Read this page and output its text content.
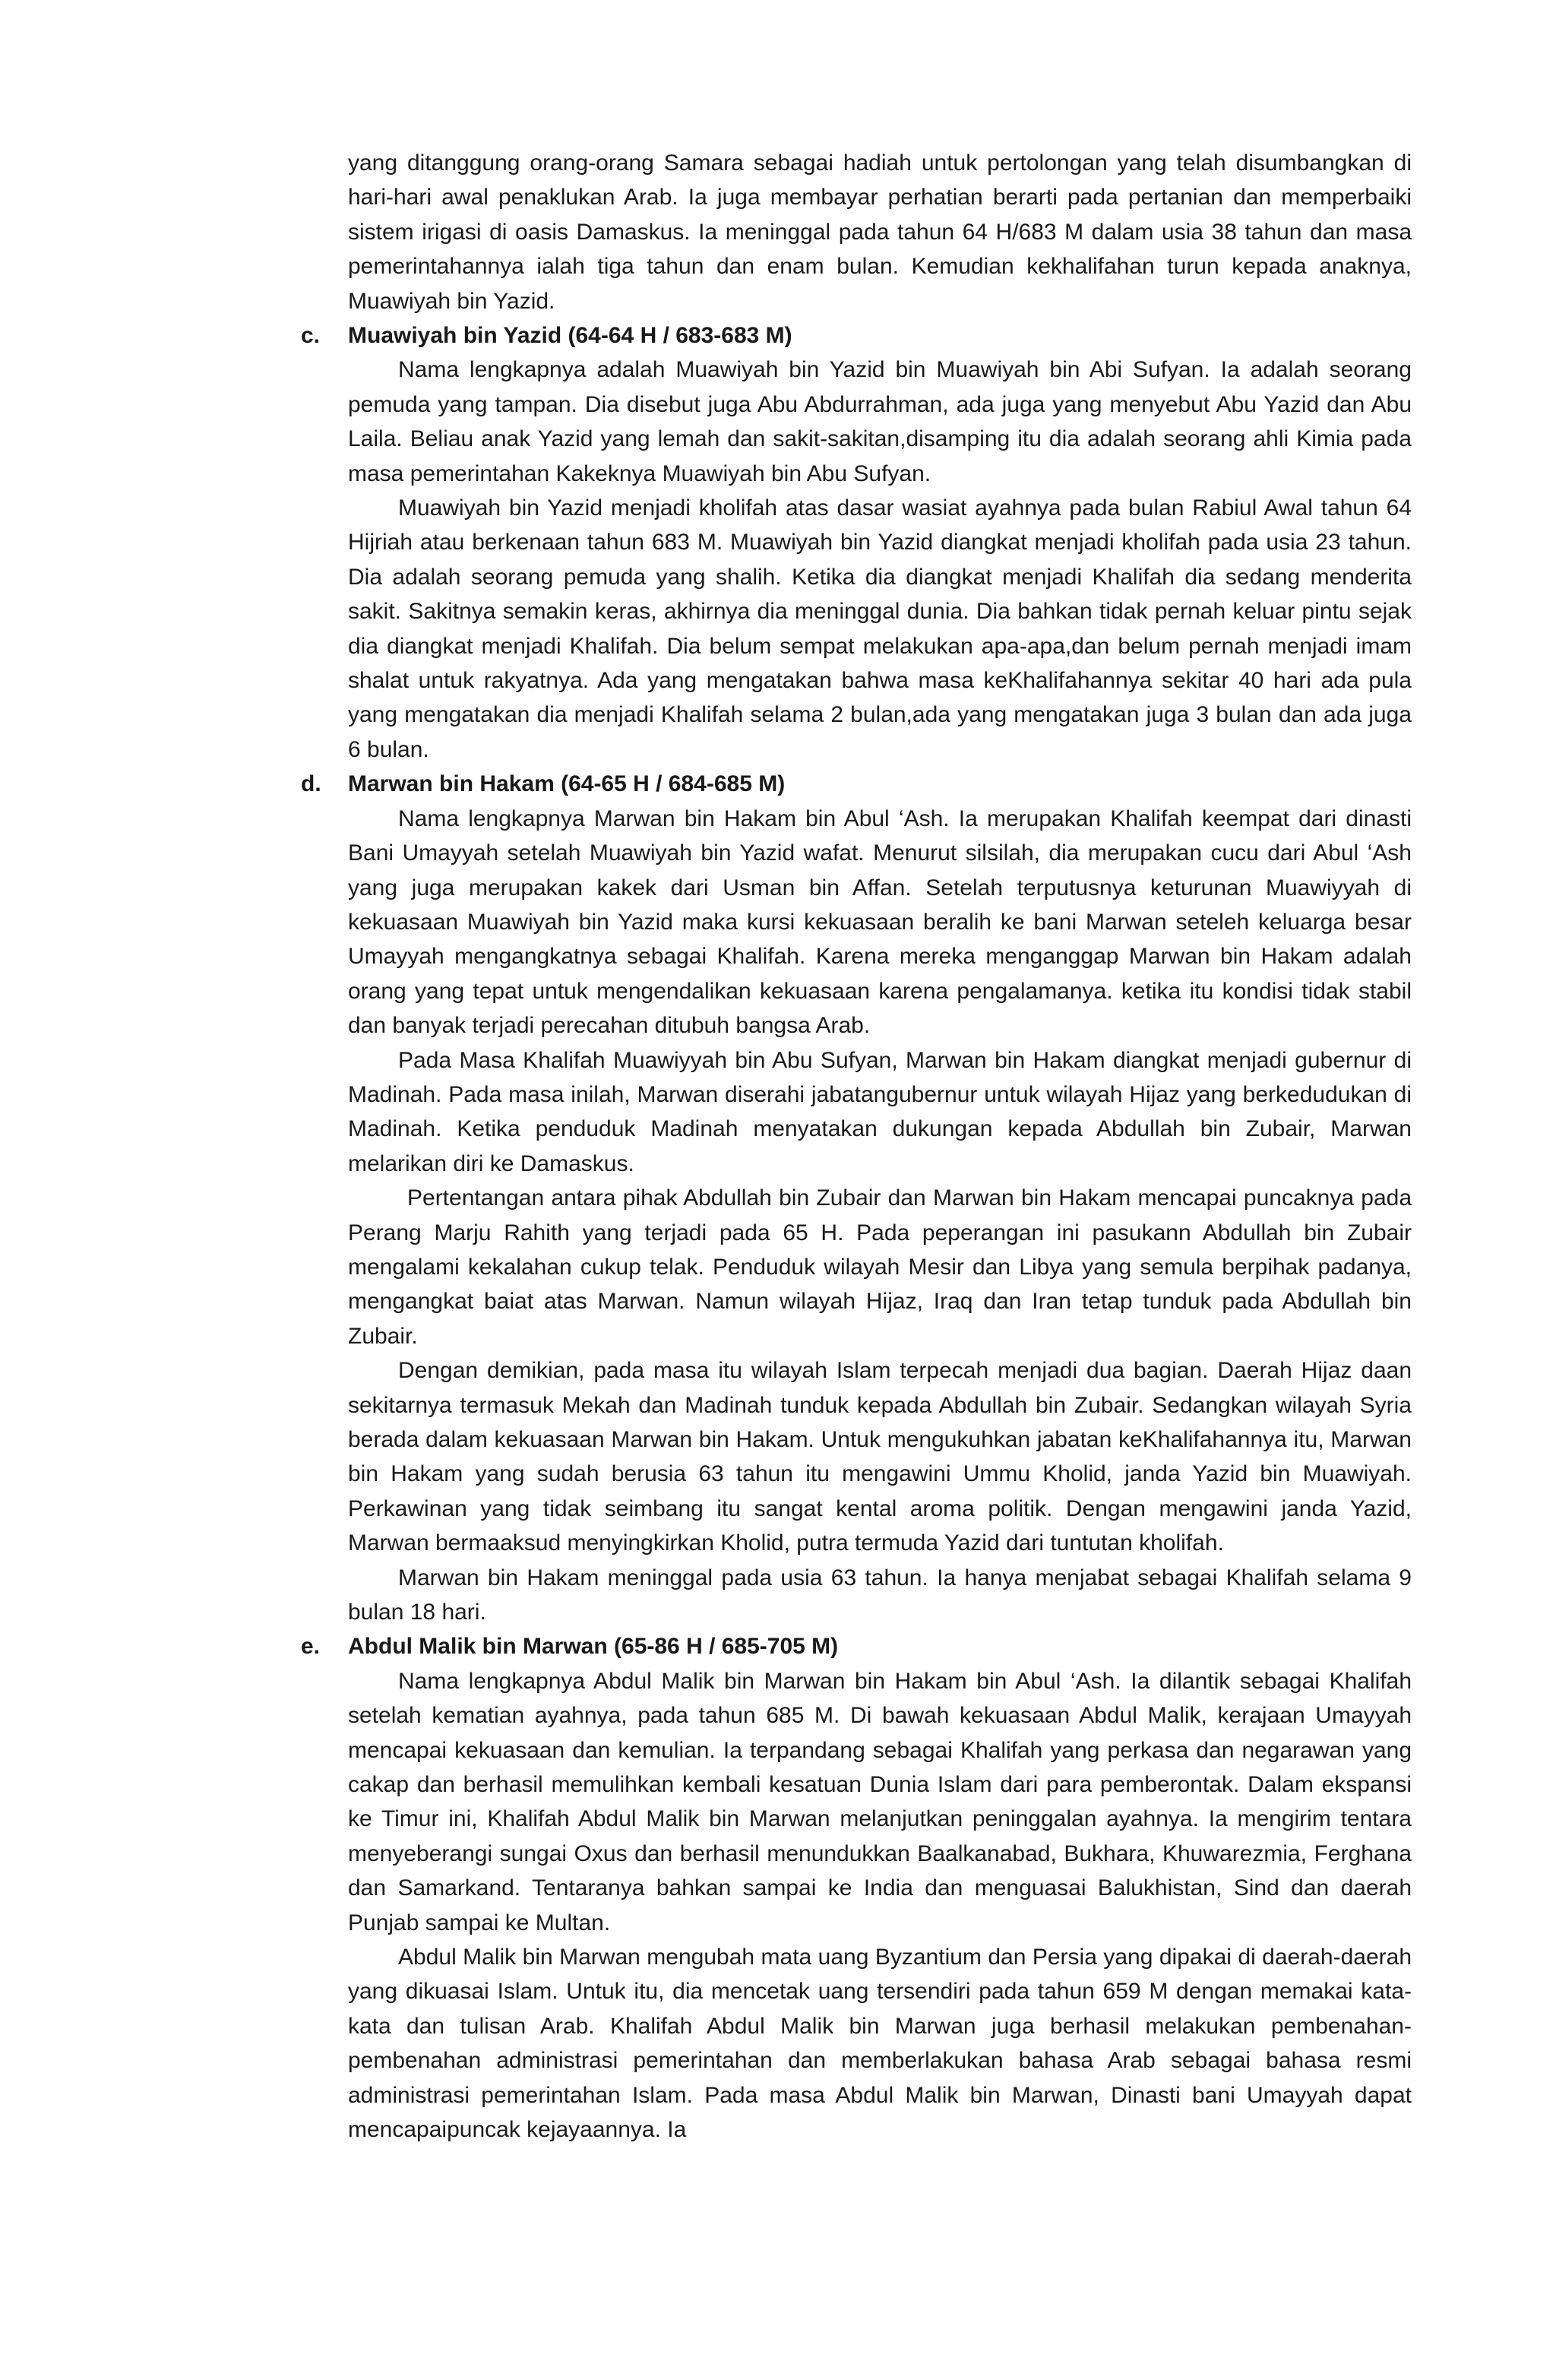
yang ditanggung orang-orang Samara sebagai hadiah untuk pertolongan yang telah disumbangkan di hari-hari awal penaklukan Arab. Ia juga membayar perhatian berarti pada pertanian dan memperbaiki sistem irigasi di oasis Damaskus. Ia meninggal pada tahun 64 H/683 M dalam usia 38 tahun dan masa pemerintahannya ialah tiga tahun dan enam bulan. Kemudian kekhalifahan turun kepada anaknya, Muawiyah bin Yazid.

c. Muawiyah bin Yazid (64-64 H / 683-683 M)

Nama lengkapnya adalah Muawiyah bin Yazid bin Muawiyah bin Abi Sufyan. Ia adalah seorang pemuda yang tampan. Dia disebut juga Abu Abdurrahman, ada juga yang menyebut Abu Yazid dan Abu Laila. Beliau anak Yazid yang lemah dan sakit-sakitan,disamping itu dia adalah seorang ahli Kimia pada masa pemerintahan Kakeknya Muawiyah bin Abu Sufyan.

Muawiyah bin Yazid menjadi kholifah atas dasar wasiat ayahnya pada bulan Rabiul Awal tahun 64 Hijriah atau berkenaan tahun 683 M. Muawiyah bin Yazid diangkat menjadi kholifah pada usia 23 tahun. Dia adalah seorang pemuda yang shalih. Ketika dia diangkat menjadi Khalifah dia sedang menderita sakit. Sakitnya semakin keras, akhirnya dia meninggal dunia. Dia bahkan tidak pernah keluar pintu sejak dia diangkat menjadi Khalifah. Dia belum sempat melakukan apa-apa,dan belum pernah menjadi imam shalat untuk rakyatnya. Ada yang mengatakan bahwa masa keKhalifahannya sekitar 40 hari ada pula yang mengatakan dia menjadi Khalifah selama 2 bulan,ada yang mengatakan juga 3 bulan dan ada juga 6 bulan.

d. Marwan bin Hakam (64-65 H / 684-685 M)

Nama lengkapnya Marwan bin Hakam bin Abul ‘Ash. Ia merupakan Khalifah keempat dari dinasti Bani Umayyah setelah Muawiyah bin Yazid wafat. Menurut silsilah, dia merupakan cucu dari Abul ‘Ash yang juga merupakan kakek dari Usman bin Affan. Setelah terputusnya keturunan Muawiyyah di kekuasaan Muawiyah bin Yazid maka kursi kekuasaan beralih ke bani Marwan seteleh keluarga besar Umayyah mengangkatnya sebagai Khalifah. Karena mereka menganggap Marwan bin Hakam adalah orang yang tepat untuk mengendalikan kekuasaan karena pengalamanya. ketika itu kondisi tidak stabil dan banyak terjadi perecahan ditubuh bangsa Arab.

Pada Masa Khalifah Muawiyyah bin Abu Sufyan, Marwan bin Hakam diangkat menjadi gubernur di Madinah. Pada masa inilah, Marwan diserahi jabatangubernur untuk wilayah Hijaz yang berkedudukan di Madinah. Ketika penduduk Madinah menyatakan dukungan kepada Abdullah bin Zubair, Marwan melarikan diri ke Damaskus.

Pertentangan antara pihak Abdullah bin Zubair dan Marwan bin Hakam mencapai puncaknya pada Perang Marju Rahith yang terjadi pada 65 H. Pada peperangan ini pasukann Abdullah bin Zubair mengalami kekalahan cukup telak. Penduduk wilayah Mesir dan Libya yang semula berpihak padanya, mengangkat baiat atas Marwan. Namun wilayah Hijaz, Iraq dan Iran tetap tunduk pada Abdullah bin Zubair.

Dengan demikian, pada masa itu wilayah Islam terpecah menjadi dua bagian. Daerah Hijaz daan sekitarnya termasuk Mekah dan Madinah tunduk kepada Abdullah bin Zubair. Sedangkan wilayah Syria berada dalam kekuasaan Marwan bin Hakam. Untuk mengukuhkan jabatan keKhalifahannya itu, Marwan bin Hakam yang sudah berusia 63 tahun itu mengawini Ummu Kholid, janda Yazid bin Muawiyah. Perkawinan yang tidak seimbang itu sangat kental aroma politik. Dengan mengawini janda Yazid, Marwan bermaaksud menyingkirkan Kholid, putra termuda Yazid dari tuntutan kholifah.

Marwan bin Hakam meninggal pada usia 63 tahun. Ia hanya menjabat sebagai Khalifah selama 9 bulan 18 hari.

e. Abdul Malik bin Marwan (65-86 H / 685-705 M)

Nama lengkapnya Abdul Malik bin Marwan bin Hakam bin Abul ‘Ash. Ia dilantik sebagai Khalifah setelah kematian ayahnya, pada tahun 685 M. Di bawah kekuasaan Abdul Malik, kerajaan Umayyah mencapai kekuasaan dan kemulian. Ia terpandang sebagai Khalifah yang perkasa dan negarawan yang cakap dan berhasil memulihkan kembali kesatuan Dunia Islam dari para pemberontak. Dalam ekspansi ke Timur ini, Khalifah Abdul Malik bin Marwan melanjutkan peninggalan ayahnya. Ia mengirim tentara menyeberangi sungai Oxus dan berhasil menundukkan Baalkanabad, Bukhara, Khuwarezmia, Ferghana dan Samarkand. Tentaranya bahkan sampai ke India dan menguasai Balukhistan, Sind dan daerah Punjab sampai ke Multan.

Abdul Malik bin Marwan mengubah mata uang Byzantium dan Persia yang dipakai di daerah-daerah yang dikuasai Islam. Untuk itu, dia mencetak uang tersendiri pada tahun 659 M dengan memakai kata-kata dan tulisan Arab. Khalifah Abdul Malik bin Marwan juga berhasil melakukan pembenahan-pembenahan administrasi pemerintahan dan memberlakukan bahasa Arab sebagai bahasa resmi administrasi pemerintahan Islam. Pada masa Abdul Malik bin Marwan, Dinasti bani Umayyah dapat mencapaipuncak kejayaannya. Ia
